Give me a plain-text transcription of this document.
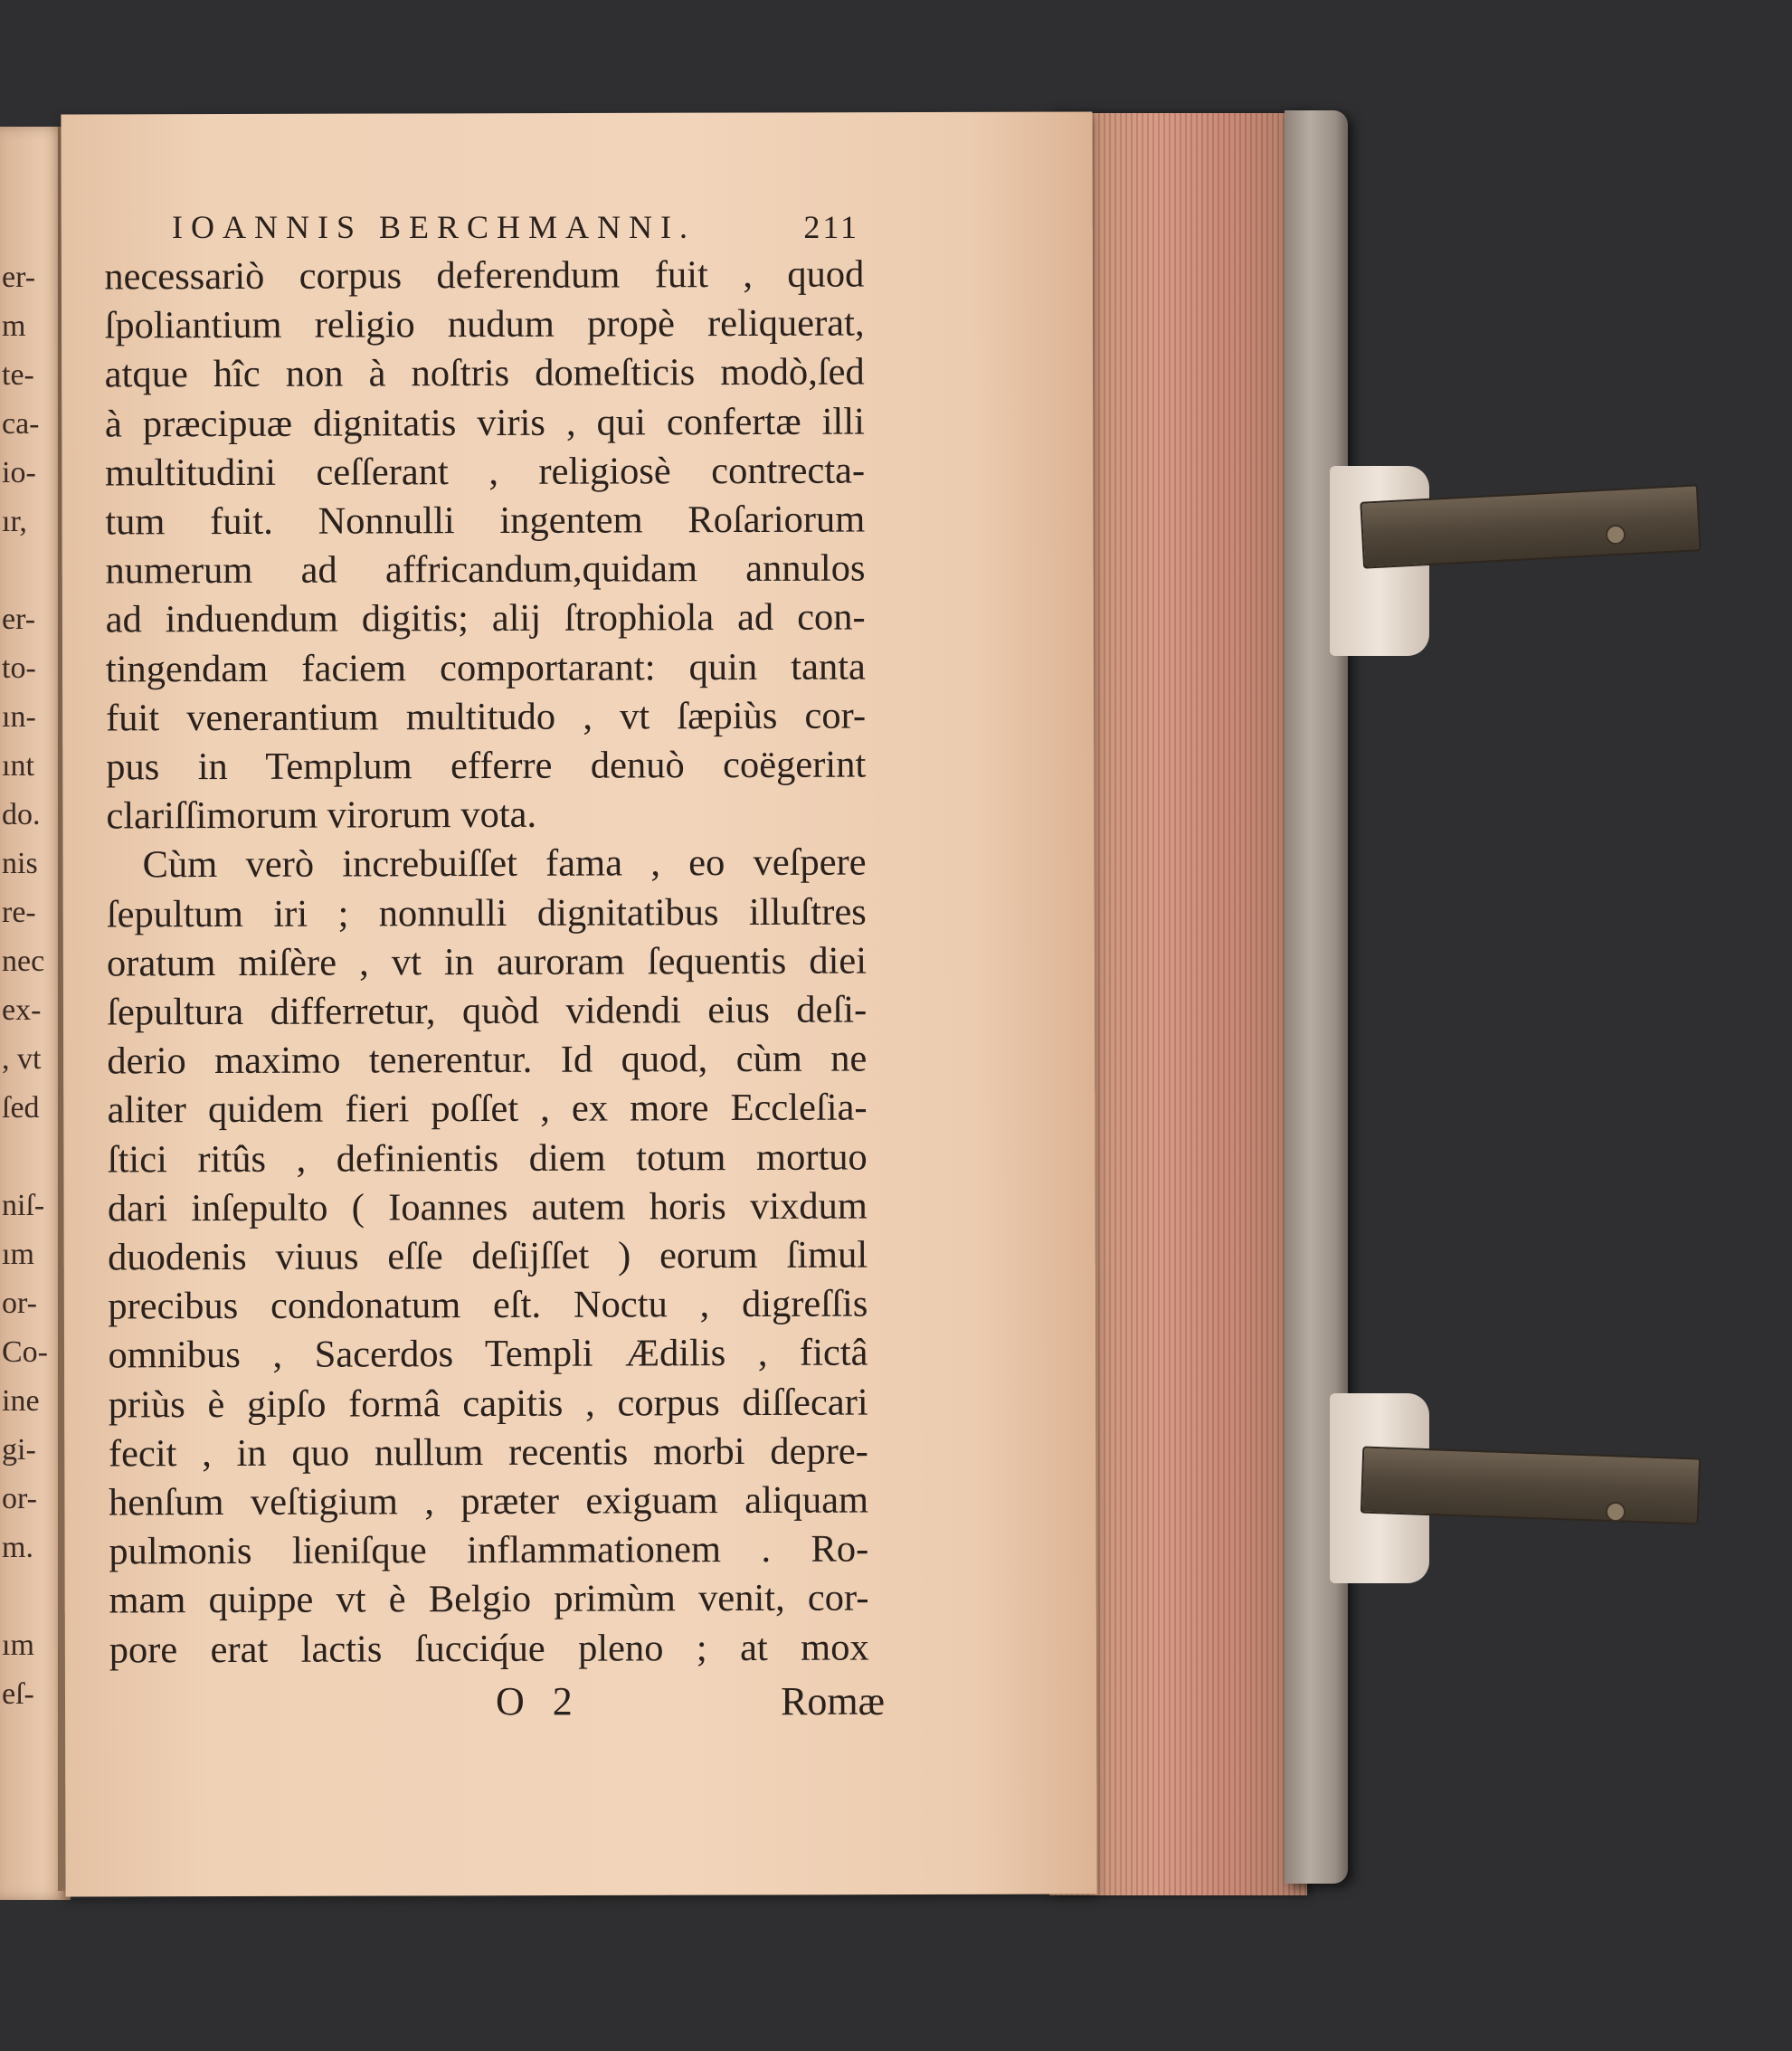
er-
m
te-
ca-
io-
ır,
er-
to-
ın-
ınt
do.
nis
re-
nec
ex-
, vt
ſed
niſ-
ım
or-
Co-
ine
gi-
or-
m.
ım
eſ-
IOANNIS BERCHMANNI.	211
necessariò corpus deferendum fuit , quod
ſpoliantium religio nudum propè reliquerat,
atque hîc non à noſtris domeſticis modò,ſed
à præcipuæ dignitatis viris , qui confertæ illi
multitudini ceſſerant , religiosè contrecta-
tum fuit. Nonnulli ingentem Roſariorum
numerum ad affricandum,quidam annulos
ad induendum digitis; alij ſtrophiola ad con-
tingendam faciem comportarant: quin tanta
fuit venerantium multitudo , vt ſæpiùs cor-
pus in Templum efferre denuò coëgerint
clariſſimorum virorum vota.
Cùm verò increbuiſſet fama , eo veſpere
ſepultum iri ; nonnulli dignitatibus illuſtres
oratum miſère , vt in auroram ſequentis diei
ſepultura differretur, quòd videndi eius deſi-
derio maximo tenerentur. Id quod, cùm ne
aliter quidem fieri poſſet , ex more Eccleſia-
ſtici ritûs , definientis diem totum mortuo
dari inſepulto ( Ioannes autem horis vixdum
duodenis viuus eſſe deſijſſet ) eorum ſimul
precibus condonatum eſt. Noctu , digreſſis
omnibus , Sacerdos Templi Ædilis , fictâ
priùs è gipſo formâ capitis , corpus diſſecari
fecit , in quo nullum recentis morbi depre-
henſum veſtigium , præter exiguam aliquam
pulmonis lieniſque inflammationem . Ro-
mam quippe vt è Belgio primùm venit, cor-
pore erat lactis ſucciq́ue pleno ; at mox
O 2	Romæ
